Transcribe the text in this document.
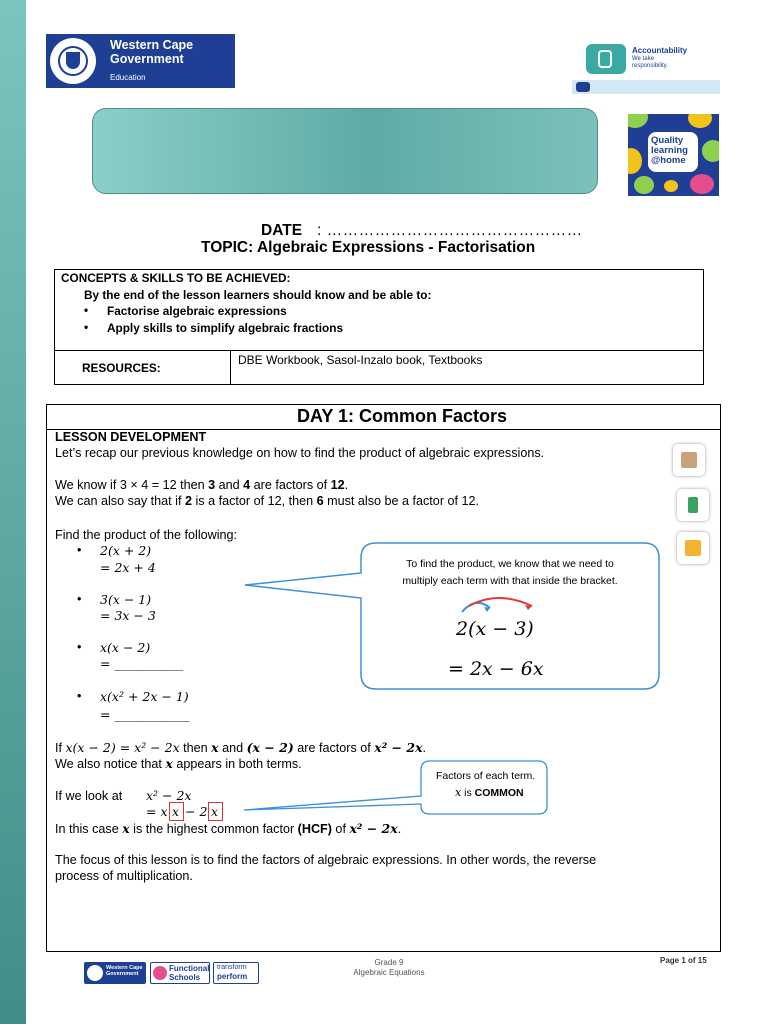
Western Cape
Government
Education
Accountability
We take
responsibility.
Quality
learning
@home
DATE : …………………………………………
TOPIC: Algebraic Expressions - Factorisation
CONCEPTS & SKILLS TO BE ACHIEVED:
By the end of the lesson learners should know and be able to:
• Factorise algebraic expressions
• Apply skills to simplify algebraic fractions
RESOURCES:
DBE Workbook, Sasol-Inzalo book, Textbooks
DAY 1: Common Factors
LESSON DEVELOPMENT
Let’s recap our previous knowledge on how to find the product of algebraic expressions.
We know if 3 × 4 = 12 then 3 and 4 are factors of 12.
We can also say that if 2 is a factor of 12, then 6 must also be a factor of 12.
Find the product of the following:
• 2(x + 2)
= 2x + 4
• 3(x − 1)
= 3x − 3
• x(x − 2)
= ___________
• x(x² + 2x − 1)
= ____________
To find the product, we know that we need to
multiply each term with that inside the bracket.
2(x − 3)
= 2x − 6x
If x(x − 2) = x² − 2x then x and (x − 2) are factors of x² − 2x.
We also notice that x appears in both terms.
Factors of each term.
x is COMMON
If we look at x² − 2x
= x x − 2 x
In this case x is the highest common factor (HCF) of x² − 2x.
The focus of this lesson is to find the factors of algebraic expressions. In other words, the reverse
process of multiplication.
Western Cape
Government
Functional
Schools
transform
perform
Grade 9
Algebraic Equations
Page 1 of 15
